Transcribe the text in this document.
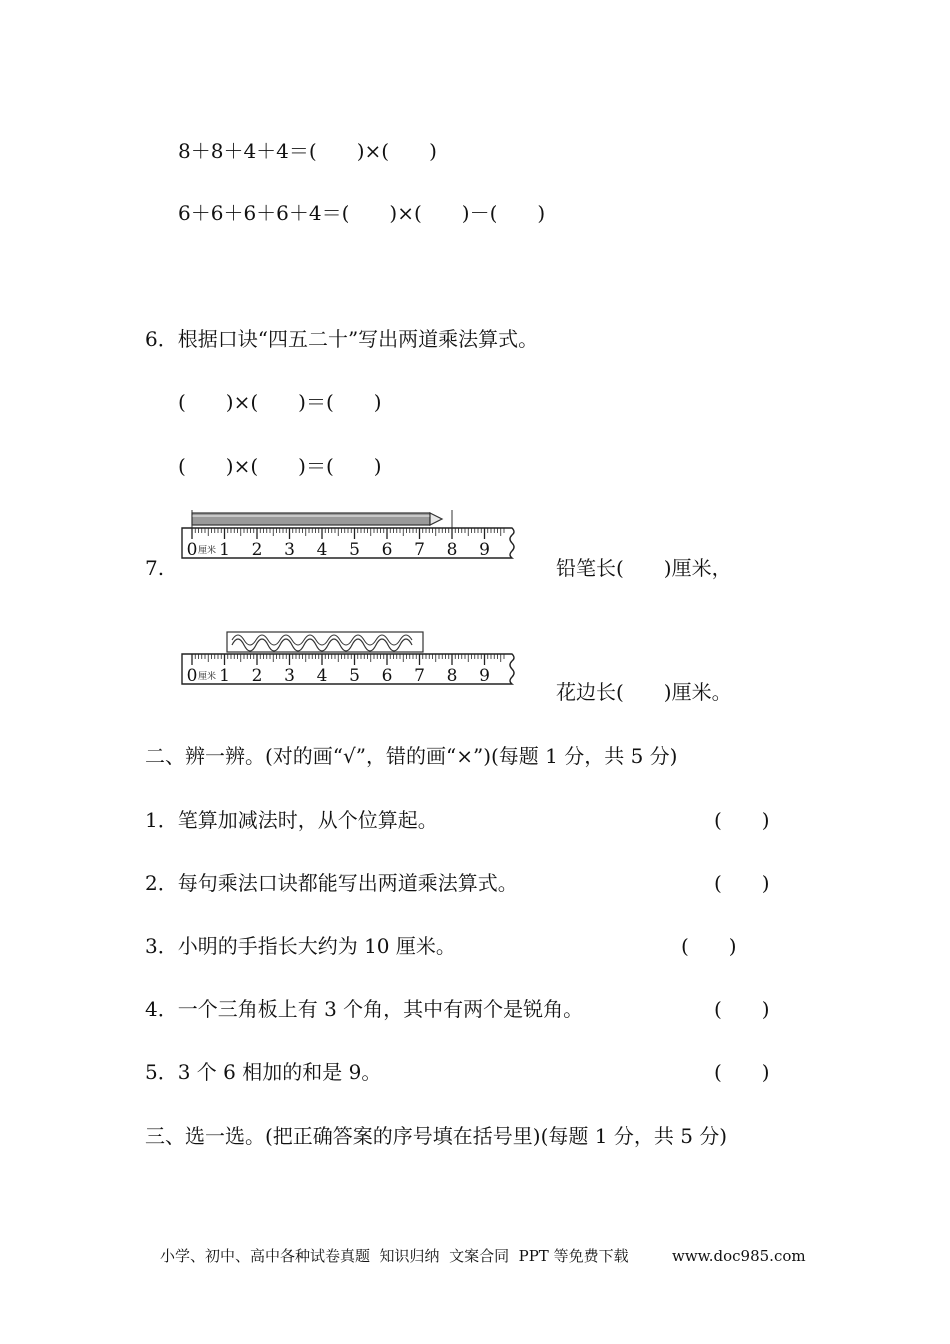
8＋8＋4＋4＝(　　)×(　　)
6＋6＋6＋6＋4＝(　　)×(　　)－(　　)
6．根据口诀“四五二十”写出两道乘法算式。
(　　)×(　　)＝(　　)
(　　)×(　　)＝(　　)
7.
0 1 2 3 4 5 6 7 8 9
厘米
铅笔长(　　)厘米，
0 1 2 3 4 5 6 7 8 9
厘米
花边长(　　)厘米。
二、辨一辨。(对的画“√”，错的画“×”)(每题 1 分，共 5 分)
1．笔算加减法时，从个位算起。	(　　)
2．每句乘法口诀都能写出两道乘法算式。	(　　)
3．小明的手指长大约为 10 厘米。	(　　)
4．一个三角板上有 3 个角，其中有两个是锐角。	(　　)
5．3 个 6 相加的和是 9。	(　　)
三、选一选。(把正确答案的序号填在括号里)(每题 1 分，共 5 分)
小学、初中、高中各种试卷真题  知识归纳  文案合同  PPT 等免费下载	www.doc985.com
